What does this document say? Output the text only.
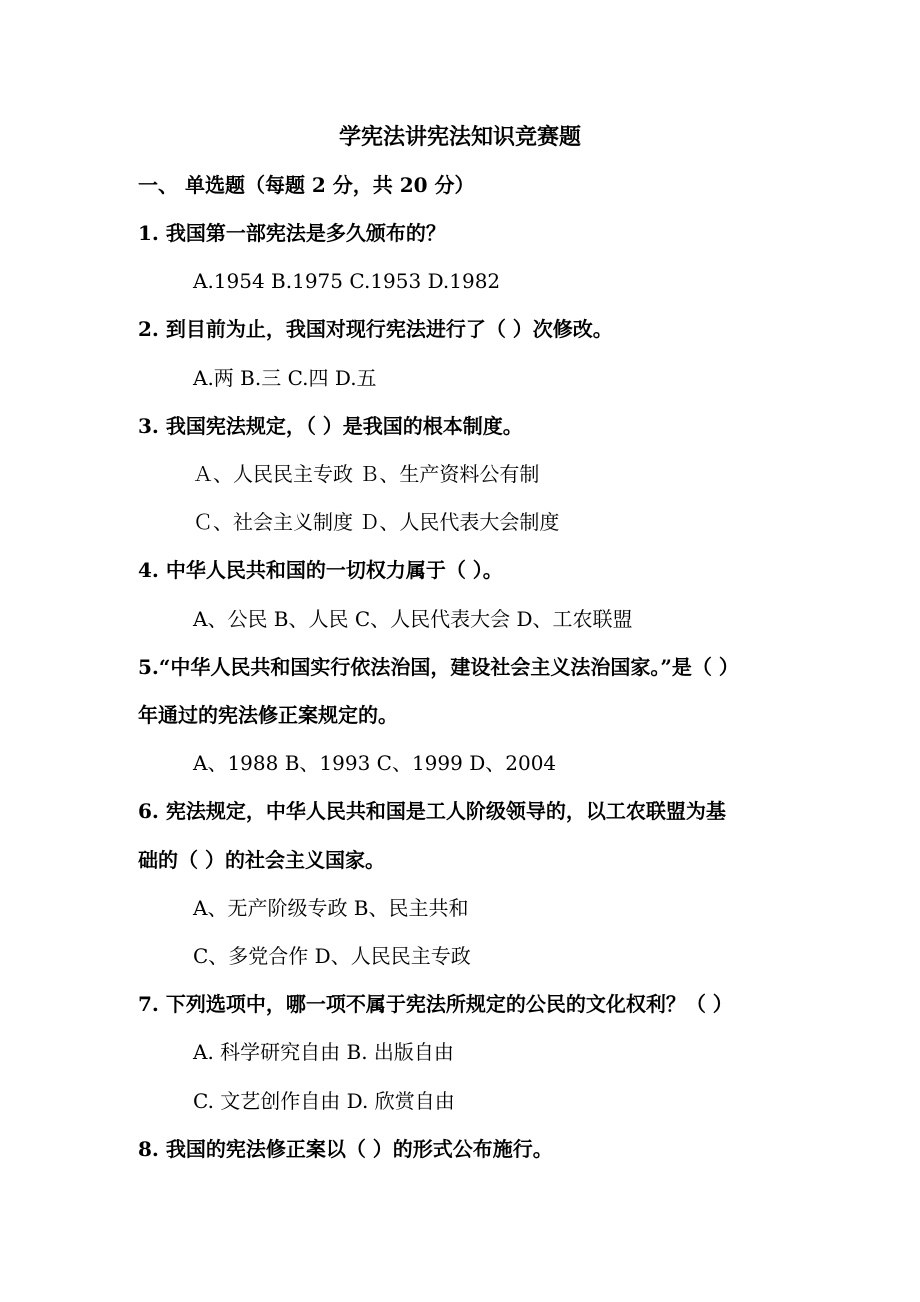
学宪法讲宪法知识竞赛题
一、 单选题（每题 2 分，共 20 分）
1. 我国第一部宪法是多久颁布的？
A.1954 B.1975 C.1953 D.1982
2. 到目前为止，我国对现行宪法进行了（ ）次修改。
A.两 B.三 C.四 D.五
3. 我国宪法规定，（ ）是我国的根本制度。
Ａ、人民民主专政 Ｂ、生产资料公有制
Ｃ、社会主义制度 Ｄ、人民代表大会制度
4. 中华人民共和国的一切权力属于（ ）。
A、公民 B、人民 C、人民代表大会 D、工农联盟
5.“中华人民共和国实行依法治国，建设社会主义法治国家。”是（ ）
年通过的宪法修正案规定的。
A、1988 B、1993 C、1999 D、2004
6. 宪法规定，中华人民共和国是工人阶级领导的，以工农联盟为基
础的（ ）的社会主义国家。
A、无产阶级专政 B、民主共和
C、多党合作 D、人民民主专政
7. 下列选项中，哪一项不属于宪法所规定的公民的文化权利？（ ）
A. 科学研究自由 B. 出版自由
C. 文艺创作自由 D. 欣赏自由
8. 我国的宪法修正案以（ ）的形式公布施行。
